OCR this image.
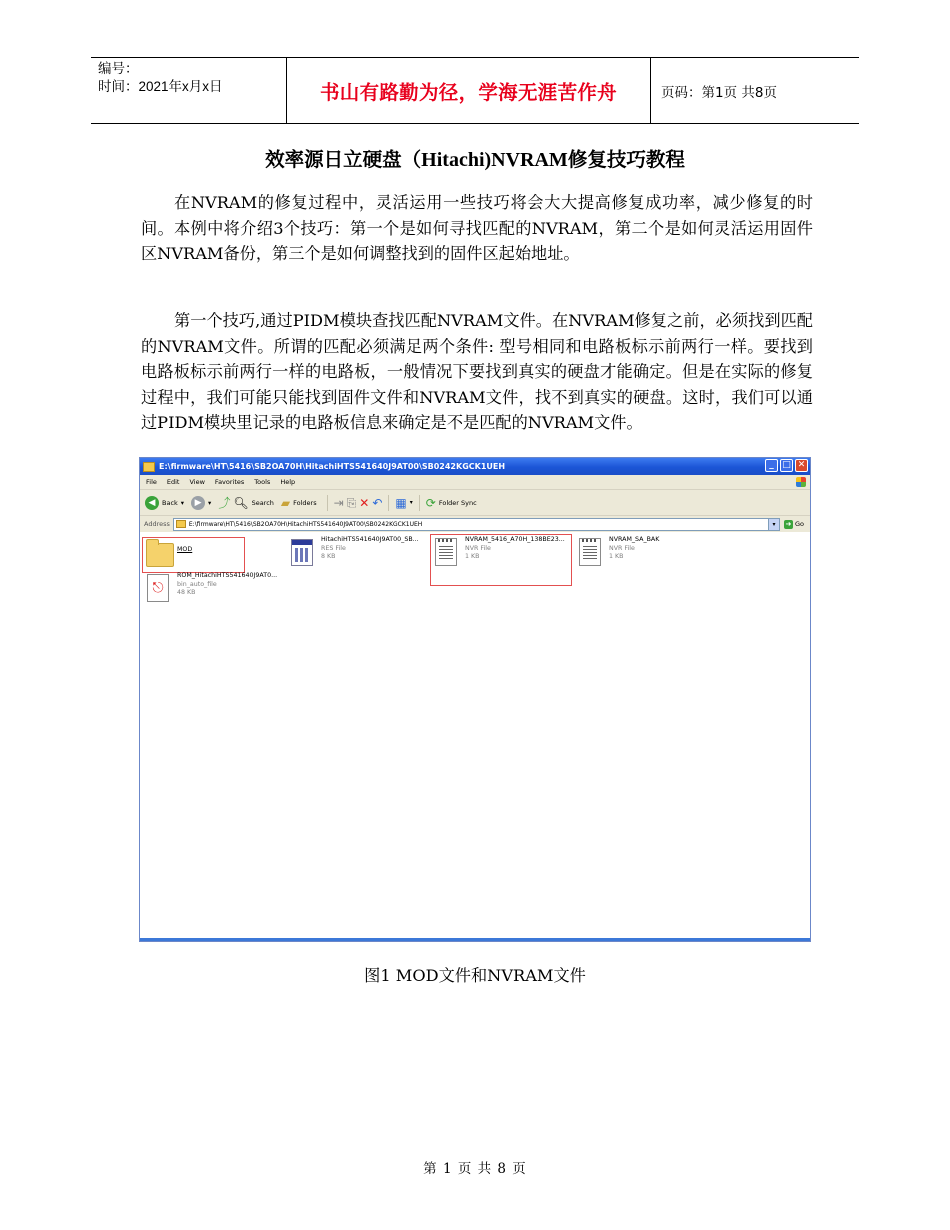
编号：
时间：2021年x月x日	书山有路勤为径，学海无涯苦作舟	页码：第1页 共8页
效率源日立硬盘（Hitachi)NVRAM修复技巧教程

在NVRAM的修复过程中，灵活运用一些技巧将会大大提高修复成功率，减少修复的时间。本例中将介绍3个技巧：第一个是如何寻找匹配的NVRAM，第二个是如何灵活运用固件区NVRAM备份，第三个是如何调整找到的固件区起始地址。

第一个技巧,通过PIDM模块查找匹配NVRAM文件。在NVRAM修复之前，必须找到匹配的NVRAM文件。所谓的匹配必须满足两个条件: 型号相同和电路板标示前两行一样。要找到电路板标示前两行一样的电路板，一般情况下要找到真实的硬盘才能确定。但是在实际的修复过程中，我们可能只能找到固件文件和NVRAM文件，找不到真实的硬盘。这时，我们可以通过PIDM模块里记录的电路板信息来确定是不是匹配的NVRAM文件。

E:\firmware\HT\5416\SB2OA70H\HitachiHTS541640J9AT00\SB0242KGCK1UEH	_ □ ✕
File Edit View Favorites Tools Help
◀	Back ▾	▶	▾ ⤴ 🔍︎ Search ▰ Folders ⇥ ⎘ ✕ ↶ ▦ ▾ ⟳ Folder Sync
Address	E:\firmware\HT\5416\SB2OA70H\HitachiHTS541640J9AT00\SB0242KGCK1UEH	▾	➜ Go
MOD
HitachiHTS541640J9AT00_SB...
RES File
8 KB
NVRAM_5416_A70H_138BE23...
NVR File
1 KB
NVRAM_SA_BAK
NVR File
1 KB
⎋
ROM_HitachiHTS541640J9AT0...
bin_auto_file
48 KB
图1 MOD文件和NVRAM文件
第 1 页 共 8 页
